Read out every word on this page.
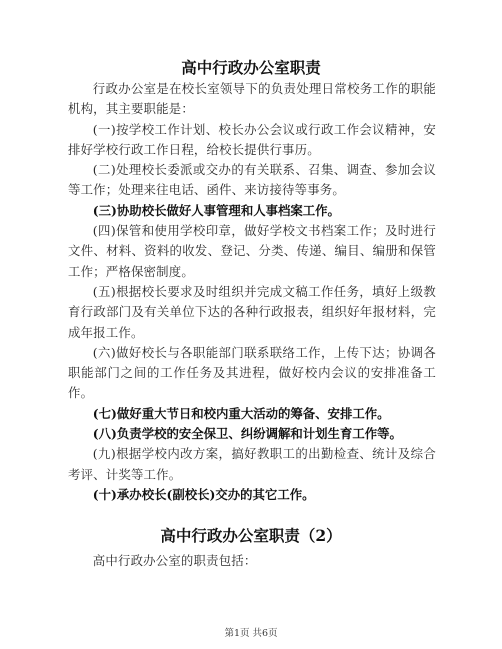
高中行政办公室职责

行政办公室是在校长室领导下的负责处理日常校务工作的职能机构，其主要职能是：

(一)按学校工作计划、校长办公会议或行政工作会议精神，安排好学校行政工作日程，给校长提供行事历。

(二)处理校长委派或交办的有关联系、召集、调查、参加会议等工作；处理来往电话、函件、来访接待等事务。

(三)协助校长做好人事管理和人事档案工作。

(四)保管和使用学校印章，做好学校文书档案工作；及时进行文件、材料、资料的收发、登记、分类、传递、编目、编册和保管工作；严格保密制度。

(五)根据校长要求及时组织并完成文稿工作任务，填好上级教育行政部门及有关单位下达的各种行政报表，组织好年报材料，完成年报工作。

(六)做好校长与各职能部门联系联络工作，上传下达；协调各职能部门之间的工作任务及其进程，做好校内会议的安排准备工作。

(七)做好重大节日和校内重大活动的筹备、安排工作。

(八)负责学校的安全保卫、纠纷调解和计划生育工作等。

(九)根据学校内改方案，搞好教职工的出勤检查、统计及综合考评、计奖等工作。

(十)承办校长(副校长)交办的其它工作。

高中行政办公室职责（2）

高中行政办公室的职责包括：

第1页 共6页
